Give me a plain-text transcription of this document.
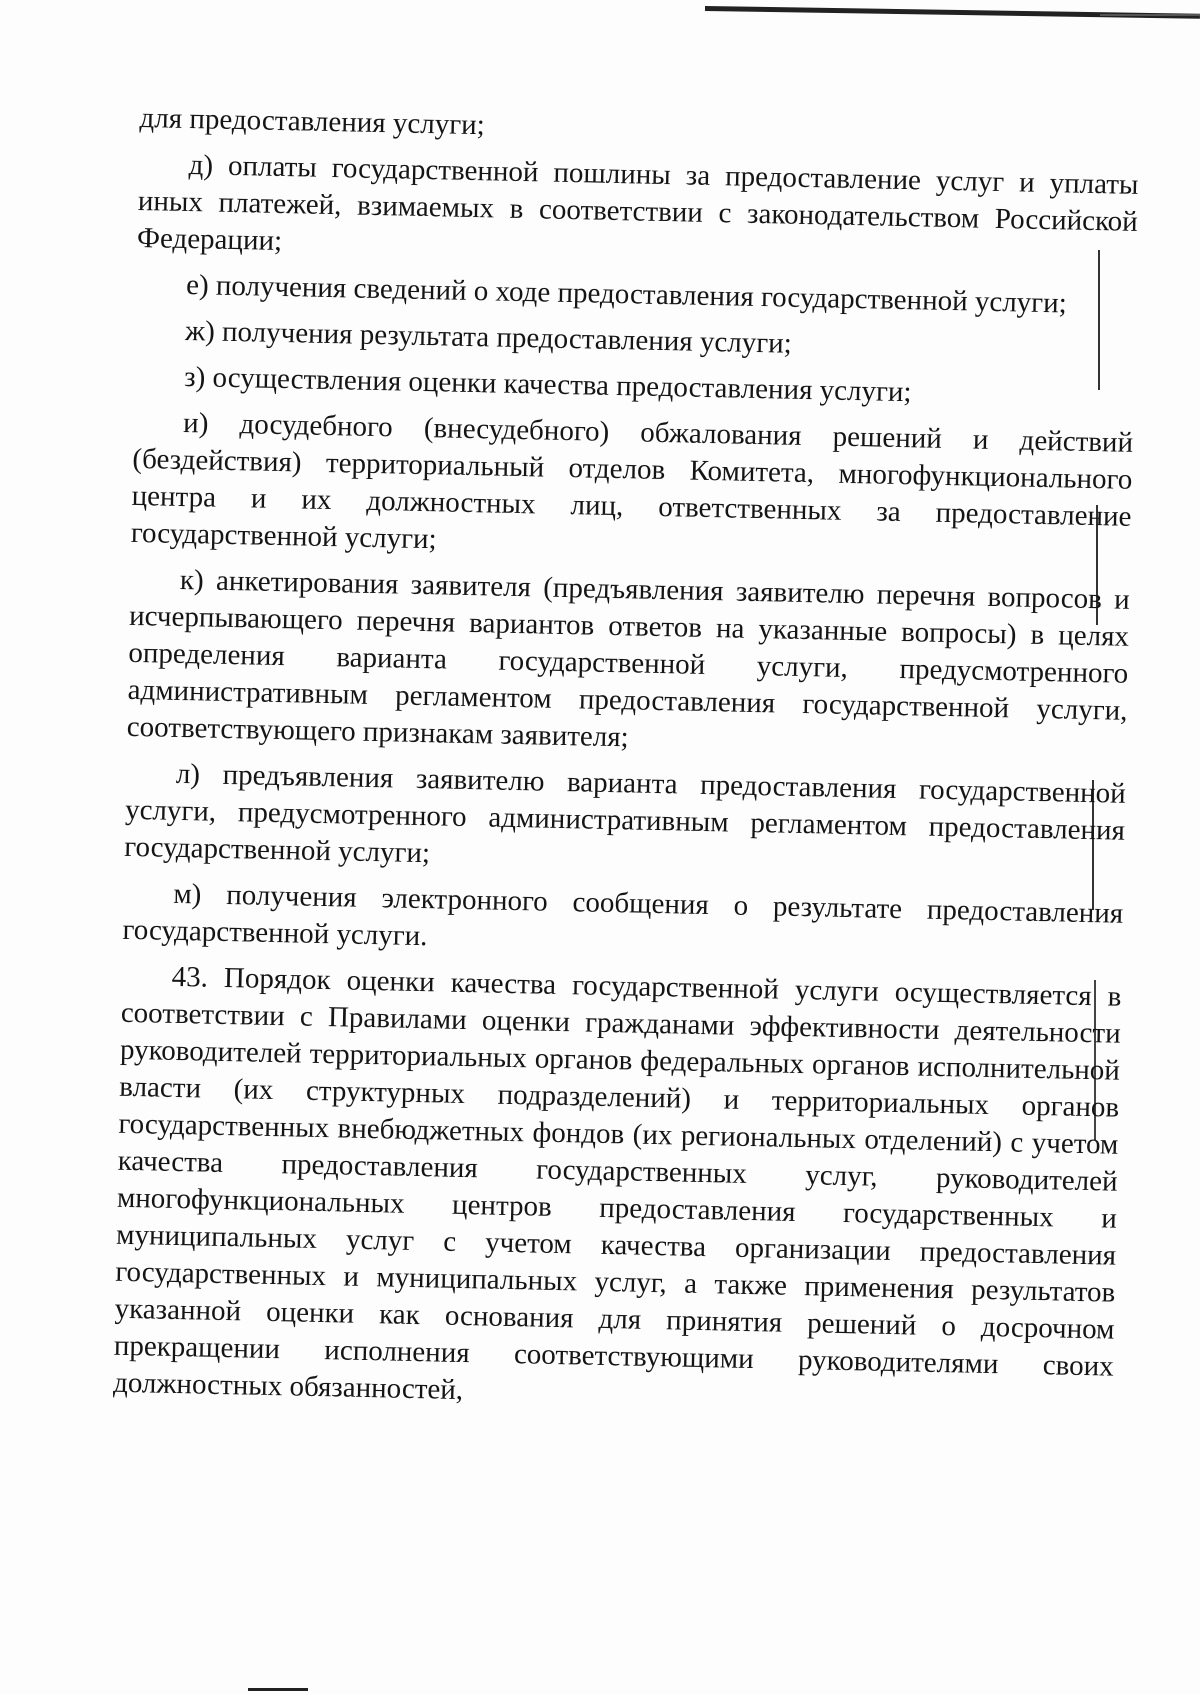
для предоставления услуги;

д) оплаты государственной пошлины за предоставление услуг и уплаты иных платежей, взимаемых в соответствии с законодательством Российской Федерации;

е) получения сведений о ходе предоставления государственной услуги;

ж) получения результата предоставления услуги;

з) осуществления оценки качества предоставления услуги;

и) досудебного (внесудебного) обжалования решений и действий (бездействия) территориальный отделов Комитета, многофункционального центра и их должностных лиц, ответственных за предоставление государственной услуги;

к) анкетирования заявителя (предъявления заявителю перечня вопросов и исчерпывающего перечня вариантов ответов на указанные вопросы) в целях определения варианта государственной услуги, предусмотренного административным регламентом предоставления государственной услуги, соответствующего признакам заявителя;

л) предъявления заявителю варианта предоставления государственной услуги, предусмотренного административным регламентом предоставления государственной услуги;

м) получения электронного сообщения о результате предоставления государственной услуги.

43. Порядок оценки качества государственной услуги осуществляется в соответствии с Правилами оценки гражданами эффективности деятельности руководителей территориальных органов федеральных органов исполнительной власти (их структурных подразделений) и территориальных органов государственных внебюджетных фондов (их региональных отделений) с учетом качества предоставления государственных услуг, руководителей многофункциональных центров предоставления государственных и муниципальных услуг с учетом качества организации предоставления государственных и муниципальных услуг, а также применения результатов указанной оценки как основания для принятия решений о досрочном прекращении исполнения соответствующими руководителями своих должностных обязанностей,
